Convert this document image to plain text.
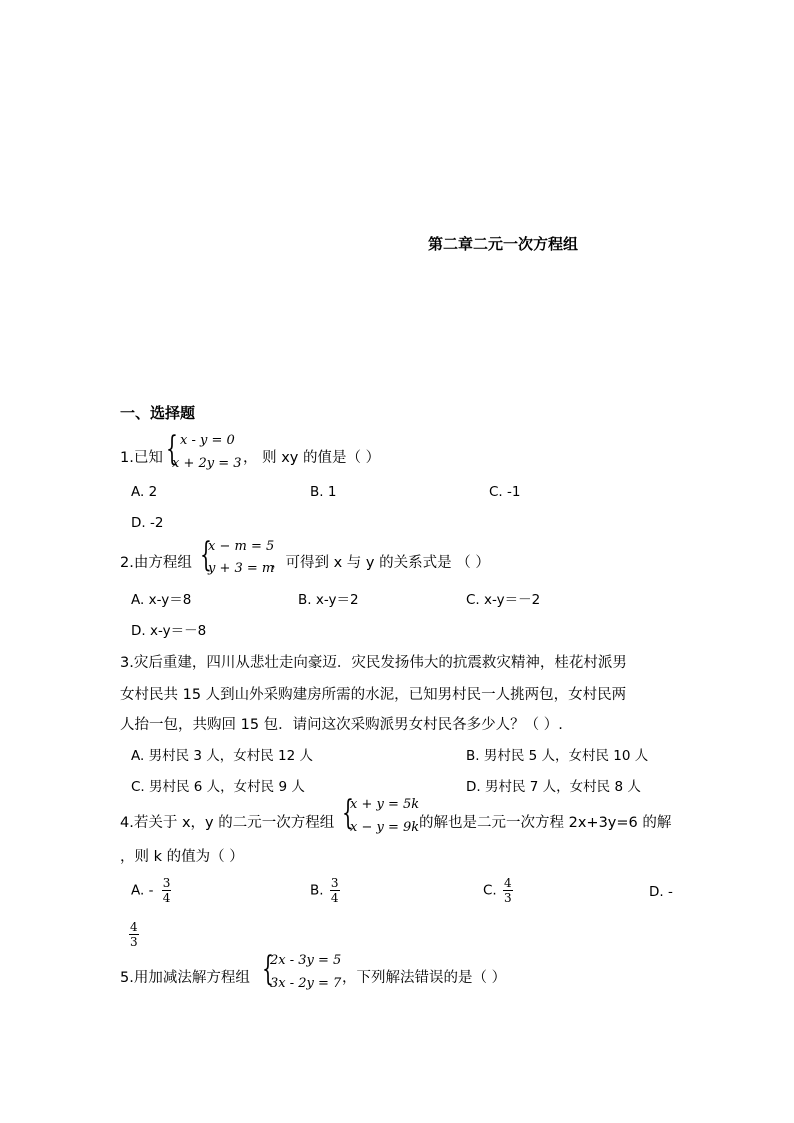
第二章二元一次方程组
一、选择题
1.已知 { x - y = 0
x + 2y = 3 ， 则 xy 的值是（ ）
A. 2	B. 1	C. -1
D. -2
2.由方程组 {
x − m = 5
y + 3 = m
，可得到 x 与 y 的关系式是 （ ）
A. x-y＝8	B. x-y＝2	C. x-y＝－2
D. x-y＝－8
3.灾后重建，四川从悲壮走向豪迈．灾民发扬伟大的抗震救灾精神，桂花村派男
女村民共 15 人到山外采购建房所需的水泥，已知男村民一人挑两包，女村民两
人抬一包，共购回 15 包．请问这次采购派男女村民各多少人？（ ）.
A. 男村民 3 人，女村民 12 人	B. 男村民 5 人，女村民 10 人
C. 男村民 6 人，女村民 9 人	D. 男村民 7 人，女村民 8 人
4.若关于 x，y 的二元一次方程组 {
x + y = 5k
x − y = 9k 的解也是二元一次方程 2x+3y=6 的解
，则 k 的值为（ ）
A. - $\frac{3}{4}$	B. $\frac{3}{4}$	C. $\frac{4}{3}$	D. -
$\frac{4}{3}$
5.用加减法解方程组 {
2x - 3y = 5
3x - 2y = 7 ，下列解法错误的是（ ）
